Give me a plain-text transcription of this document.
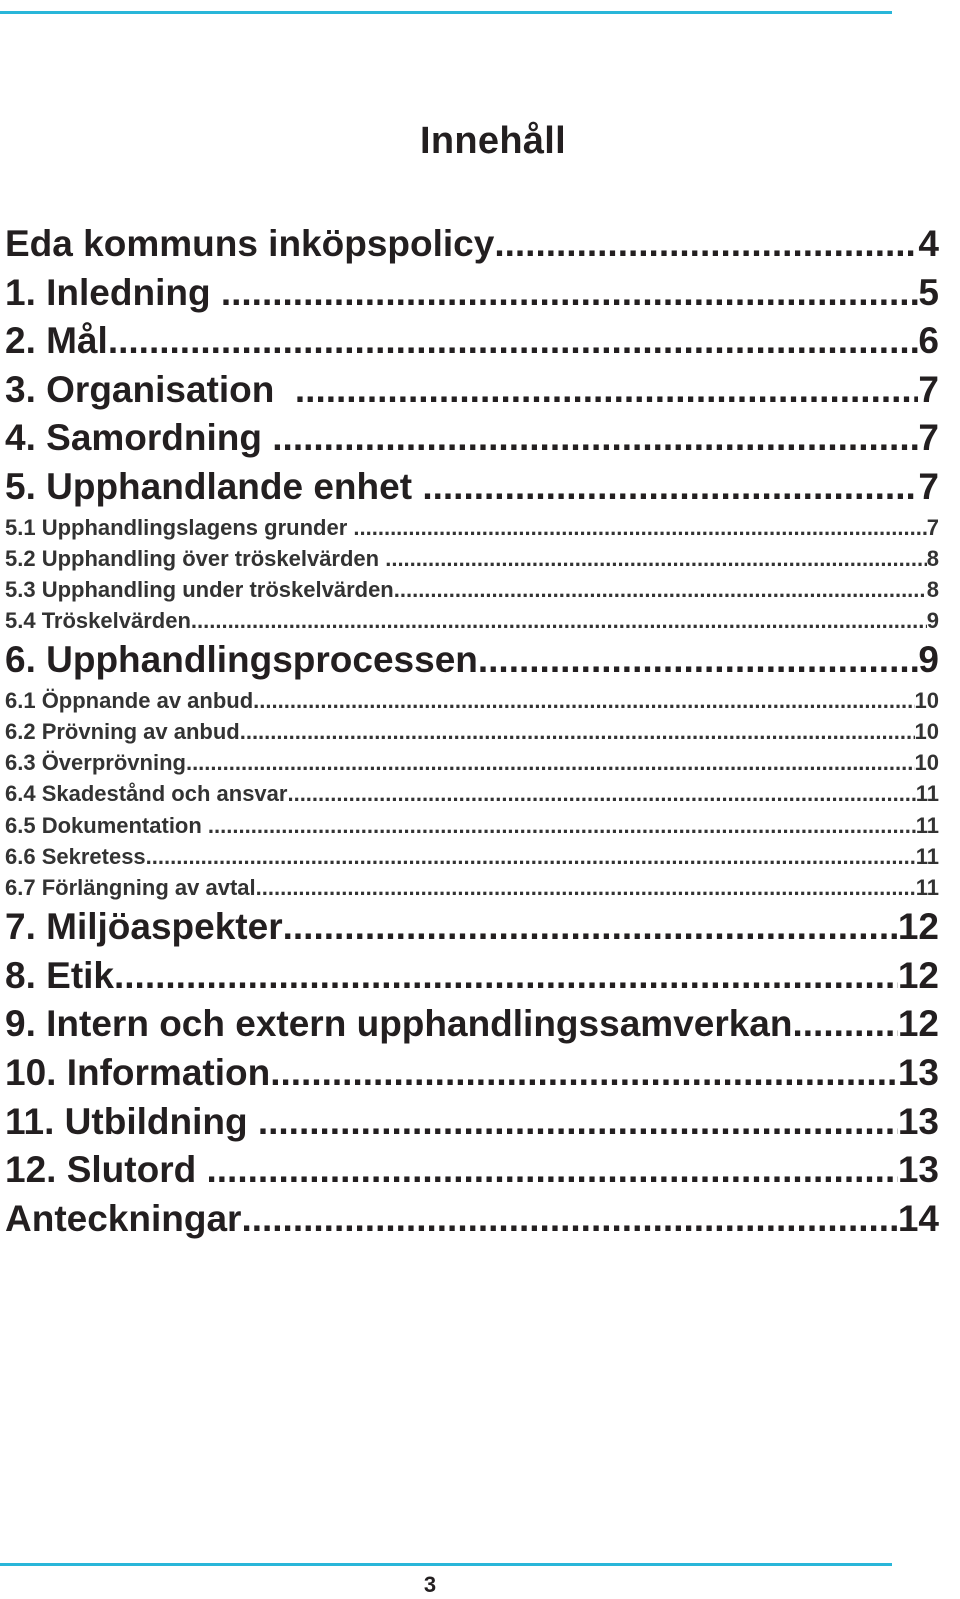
Innehåll
Eda kommuns inköpspolicy .....	4
1. Inledning .....	5
2. Mål .....	6
3. Organisation .....	7
4. Samordning .....	7
5. Upphandlande enhet .....	7
5.1 Upphandlingslagens grunder .....	7
5.2 Upphandling över tröskelvärden .....	8
5.3 Upphandling under tröskelvärden .....	8
5.4 Tröskelvärden .....	9
6. Upphandlingsprocessen .....	9
6.1 Öppnande av anbud .....	10
6.2 Prövning av anbud .....	10
6.3 Överprövning .....	10
6.4 Skadestånd och ansvar .....	11
6.5 Dokumentation .....	11
6.6 Sekretess .....	11
6.7 Förlängning av avtal .....	11
7. Miljöaspekter .....	12
8. Etik .....	12
9. Intern och extern upphandlingssamverkan .....	12
10. Information .....	13
11. Utbildning .....	13
12. Slutord .....	13
Anteckningar .....	14
3
